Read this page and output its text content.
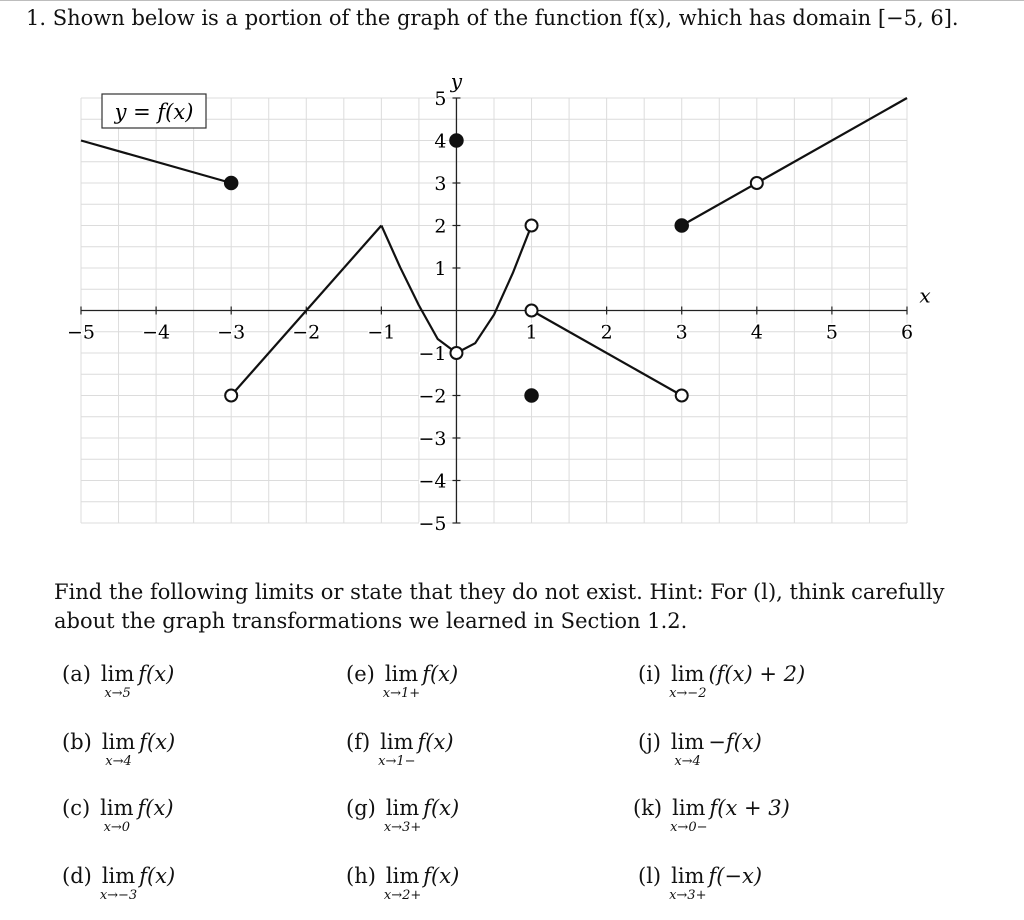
1. Shown below is a portion of the graph of the function f(x), which has domain [−5, 6].
x
y
−5 −4 −3 −2 −1	1	2	3	4	5	6
5
4
3
2
1
−1
−2
−3
−4
−5
y = f(x)
Find the following limits or state that they do not exist. Hint: For (l), think carefully about the graph transformations we learned in Section 1.2.
(a) lim
x→5
f(x)
(b) lim
x→4
f(x)
(c) lim
x→0
f(x)
(d) lim
x→−3
f(x)
(e) lim
x→1+
f(x)
(f) lim
x→1−
f(x)
(g) lim
x→3+
f(x)
(h) lim
x→2+
f(x)
(i) lim
x→−2
(f(x) + 2)
(j) lim
x→4
−f(x)
(k) lim
x→0−
f(x + 3)
(l) lim
x→3+
f(−x)
